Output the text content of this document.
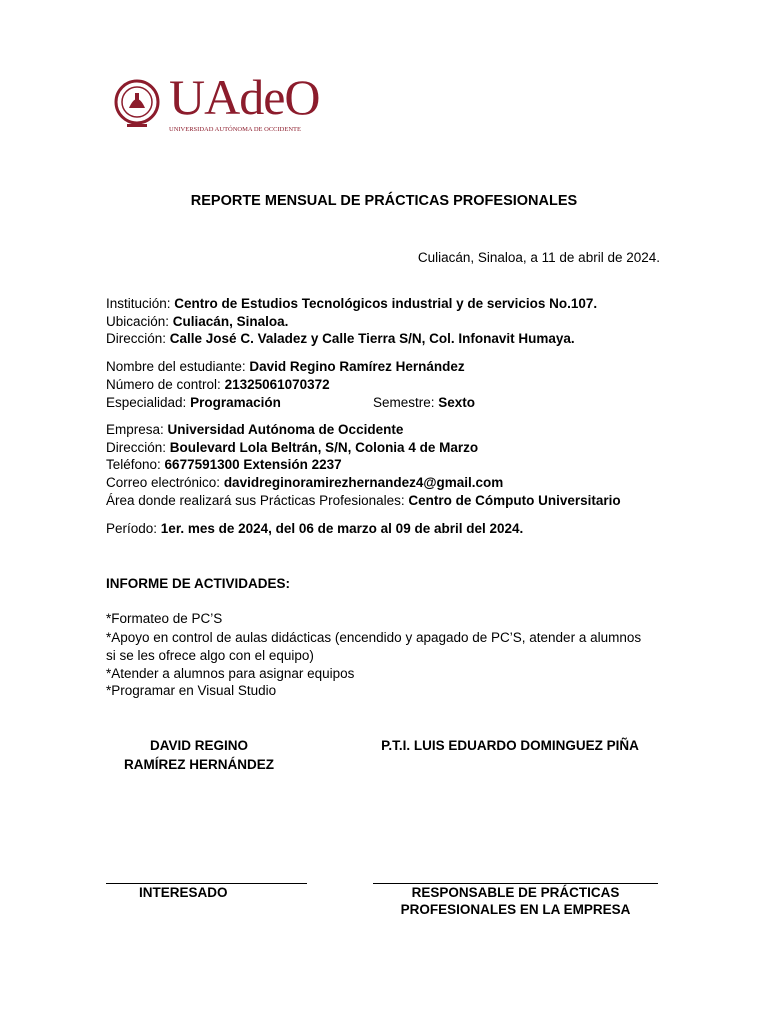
UAdeO
UNIVERSIDAD AUTÓNOMA DE OCCIDENTE
REPORTE MENSUAL DE PRÁCTICAS PROFESIONALES
Culiacán, Sinaloa, a 11 de abril de 2024.
Institución: Centro de Estudios Tecnológicos industrial y de servicios No.107.
Ubicación: Culiacán, Sinaloa.
Dirección: Calle José C. Valadez y Calle Tierra S/N, Col. Infonavit Humaya.
Nombre del estudiante: David Regino Ramírez Hernández
Número de control: 21325061070372
Especialidad: Programación	Semestre: Sexto
Empresa: Universidad Autónoma de Occidente
Dirección: Boulevard Lola Beltrán, S/N, Colonia 4 de Marzo
Teléfono: 6677591300 Extensión 2237
Correo electrónico: davidreginoramirezhernandez4@gmail.com
Área donde realizará sus Prácticas Profesionales: Centro de Cómputo Universitario
Período: 1er. mes de 2024, del 06 de marzo al 09 de abril del 2024.
INFORME DE ACTIVIDADES:
*Formateo de PC’S
*Apoyo en control de aulas didácticas (encendido y apagado de PC’S, atender a alumnos
si se les ofrece algo con el equipo)
*Atender a alumnos para asignar equipos
*Programar en Visual Studio
DAVID REGINO
RAMÍREZ HERNÁNDEZ
P.T.I. LUIS EDUARDO DOMINGUEZ PIÑA
INTERESADO	RESPONSABLE DE PRÁCTICAS
PROFESIONALES EN LA EMPRESA
